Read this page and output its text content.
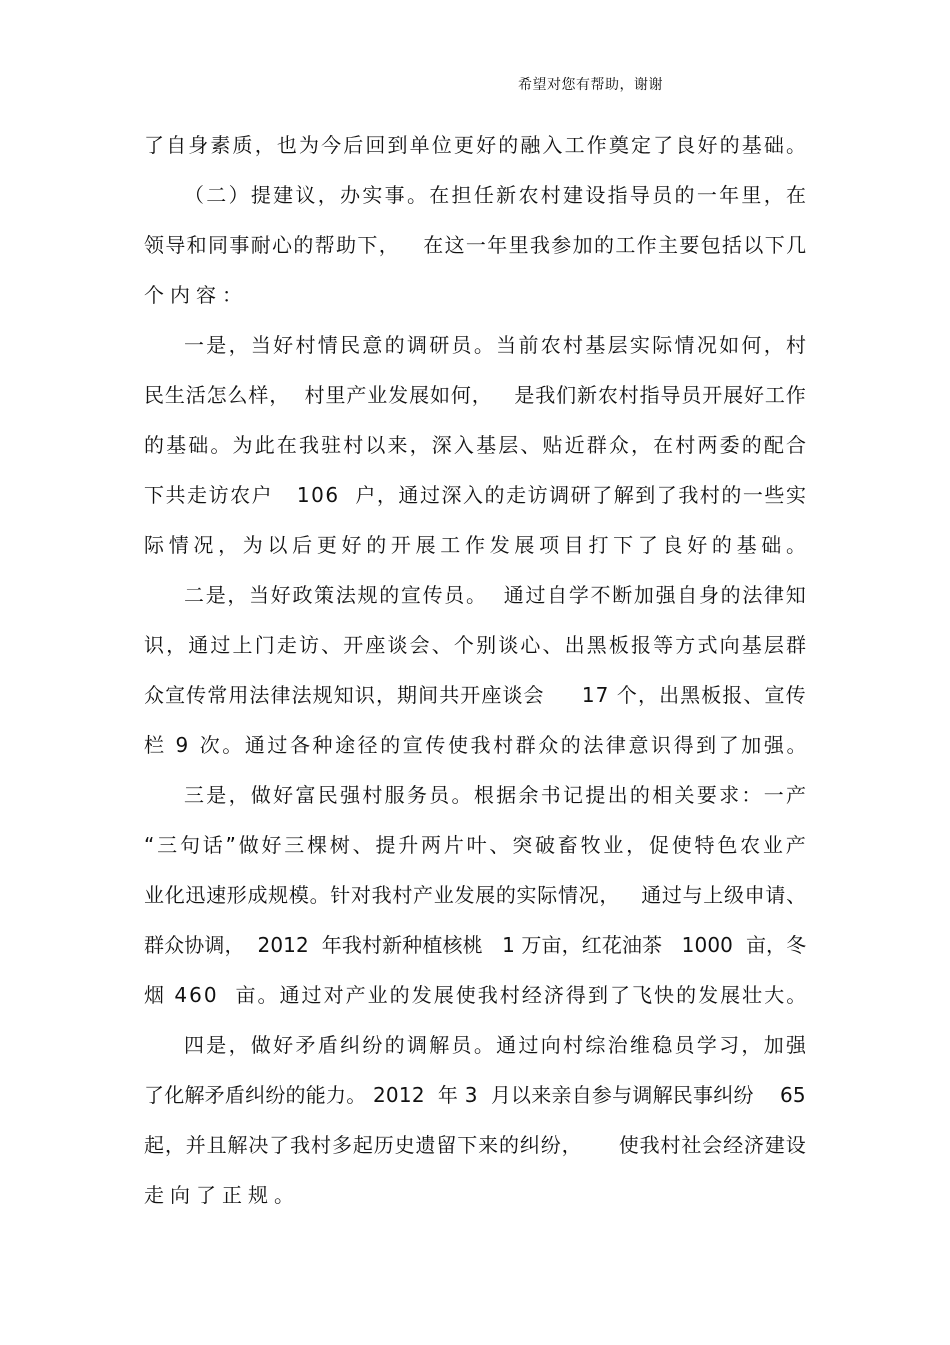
希望对您有帮助，谢谢
了自身素质，也为今后回到单位更好的融入工作奠定了良好的基础。
（二）提建议，办实事。在担任新农村建设指导员的一年里，在
领导和同事耐心的帮助下，   在这一年里我参加的工作主要包括以下几
个内容：
一是，当好村情民意的调研员。当前农村基层实际情况如何，村
民生活怎么样，  村里产业发展如何，   是我们新农村指导员开展好工作
的基础。为此在我驻村以来，深入基层、贴近群众，在村两委的配合
下共走访农户   106  户，通过深入的走访调研了解到了我村的一些实
际情况，为以后更好的开展工作发展项目打下了良好的基础。
二是，当好政策法规的宣传员。  通过自学不断加强自身的法律知
识，通过上门走访、开座谈会、个别谈心、出黑板报等方式向基层群
众宣传常用法律法规知识，期间共开座谈会     17 个，出黑板报、宣传
栏 9 次。通过各种途径的宣传使我村群众的法律意识得到了加强。
三是，做好富民强村服务员。根据余书记提出的相关要求：一产
“三句话”做好三棵树、提升两片叶、突破畜牧业，促使特色农业产
业化迅速形成规模。针对我村产业发展的实际情况，   通过与上级申请、
群众协调，  2012  年我村新种植核桃   1 万亩，红花油茶   1000  亩，冬
烟 460  亩。通过对产业的发展使我村经济得到了飞快的发展壮大。
四是，做好矛盾纠纷的调解员。通过向村综治维稳员学习，加强
了化解矛盾纠纷的能力。 2012  年 3  月以来亲自参与调解民事纠纷    65
起，并且解决了我村多起历史遗留下来的纠纷，     使我村社会经济建设
走向了正规。
